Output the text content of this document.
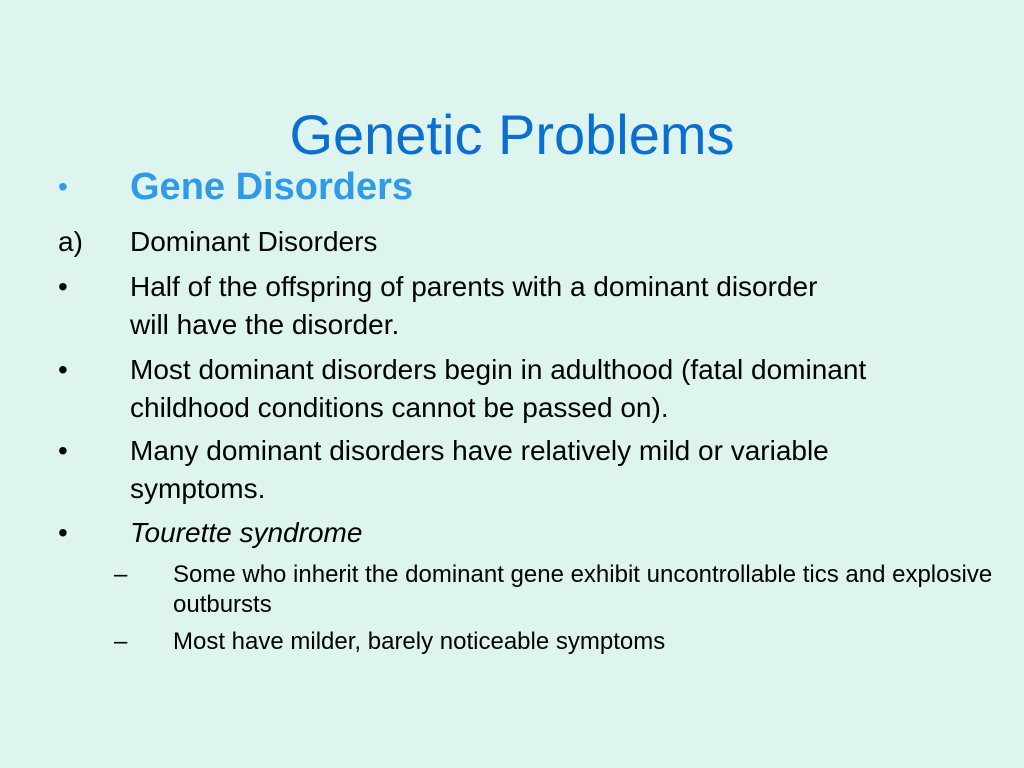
Genetic Problems
• Gene Disorders
a) Dominant Disorders
• Half of the offspring of parents with a dominant disorder will have the disorder.
• Most dominant disorders begin in adulthood (fatal dominant childhood conditions cannot be passed on).
• Many dominant disorders have relatively mild or variable symptoms.
• Tourette syndrome
– Some who inherit the dominant gene exhibit uncontrollable tics and explosive outbursts
– Most have milder, barely noticeable symptoms
